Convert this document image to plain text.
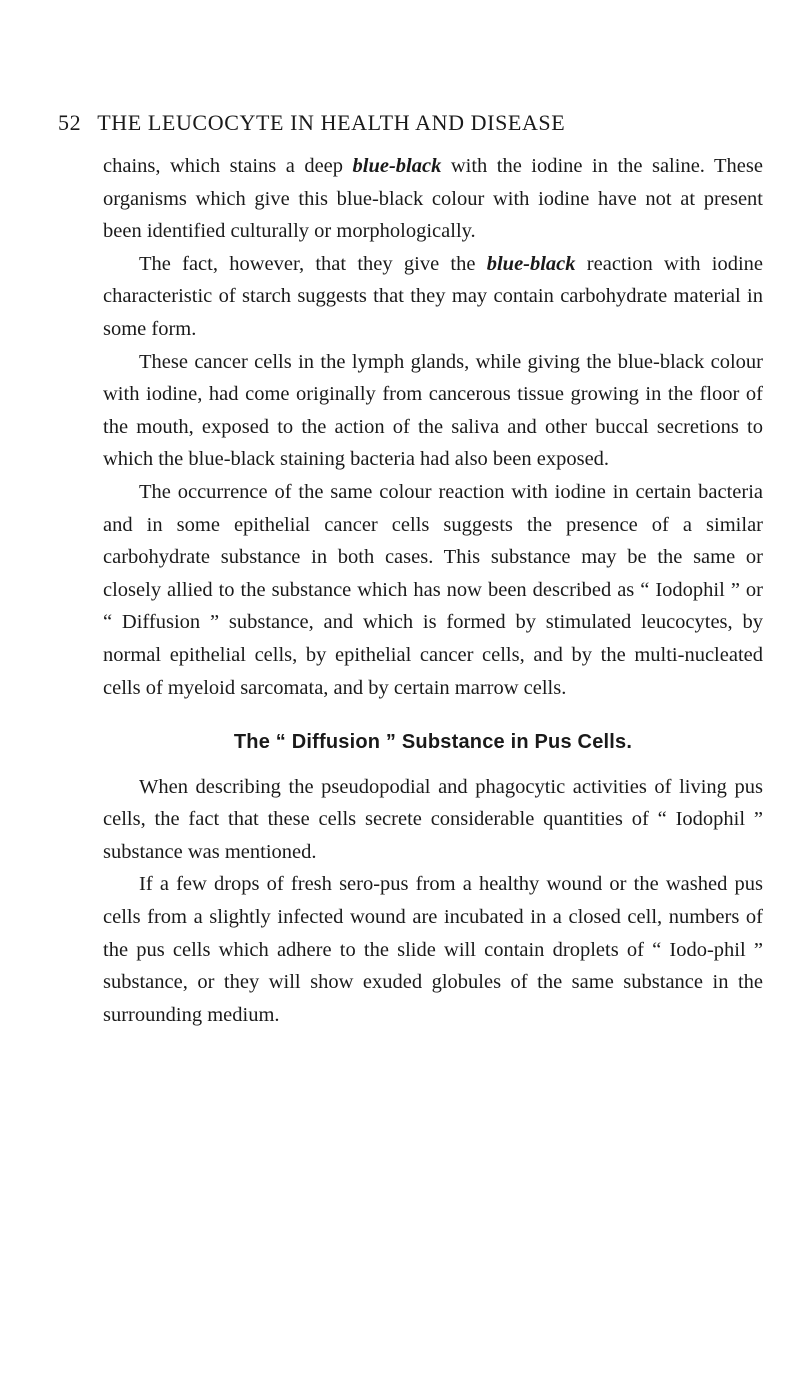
52 THE LEUCOCYTE IN HEALTH AND DISEASE

chains, which stains a deep blue-black with the iodine in the saline. These organisms which give this blue-black colour with iodine have not at present been identified culturally or morphologically.

The fact, however, that they give the blue-black reaction with iodine characteristic of starch suggests that they may contain carbohydrate material in some form.

These cancer cells in the lymph glands, while giving the blue-black colour with iodine, had come originally from cancerous tissue growing in the floor of the mouth, exposed to the action of the saliva and other buccal secretions to which the blue-black staining bacteria had also been exposed.

The occurrence of the same colour reaction with iodine in certain bacteria and in some epithelial cancer cells suggests the presence of a similar carbohydrate substance in both cases. This substance may be the same or closely allied to the substance which has now been described as “ Iodophil ” or “ Diffusion ” substance, and which is formed by stimulated leucocytes, by normal epithelial cells, by epithelial cancer cells, and by the multi-nucleated cells of myeloid sarcomata, and by certain marrow cells.

The “ Diffusion ” Substance in Pus Cells.

When describing the pseudopodial and phagocytic activities of living pus cells, the fact that these cells secrete considerable quantities of “ Iodophil ” substance was mentioned.

If a few drops of fresh sero-pus from a healthy wound or the washed pus cells from a slightly infected wound are incubated in a closed cell, numbers of the pus cells which adhere to the slide will contain droplets of “ Iodo-phil ” substance, or they will show exuded globules of the same substance in the surrounding medium.
